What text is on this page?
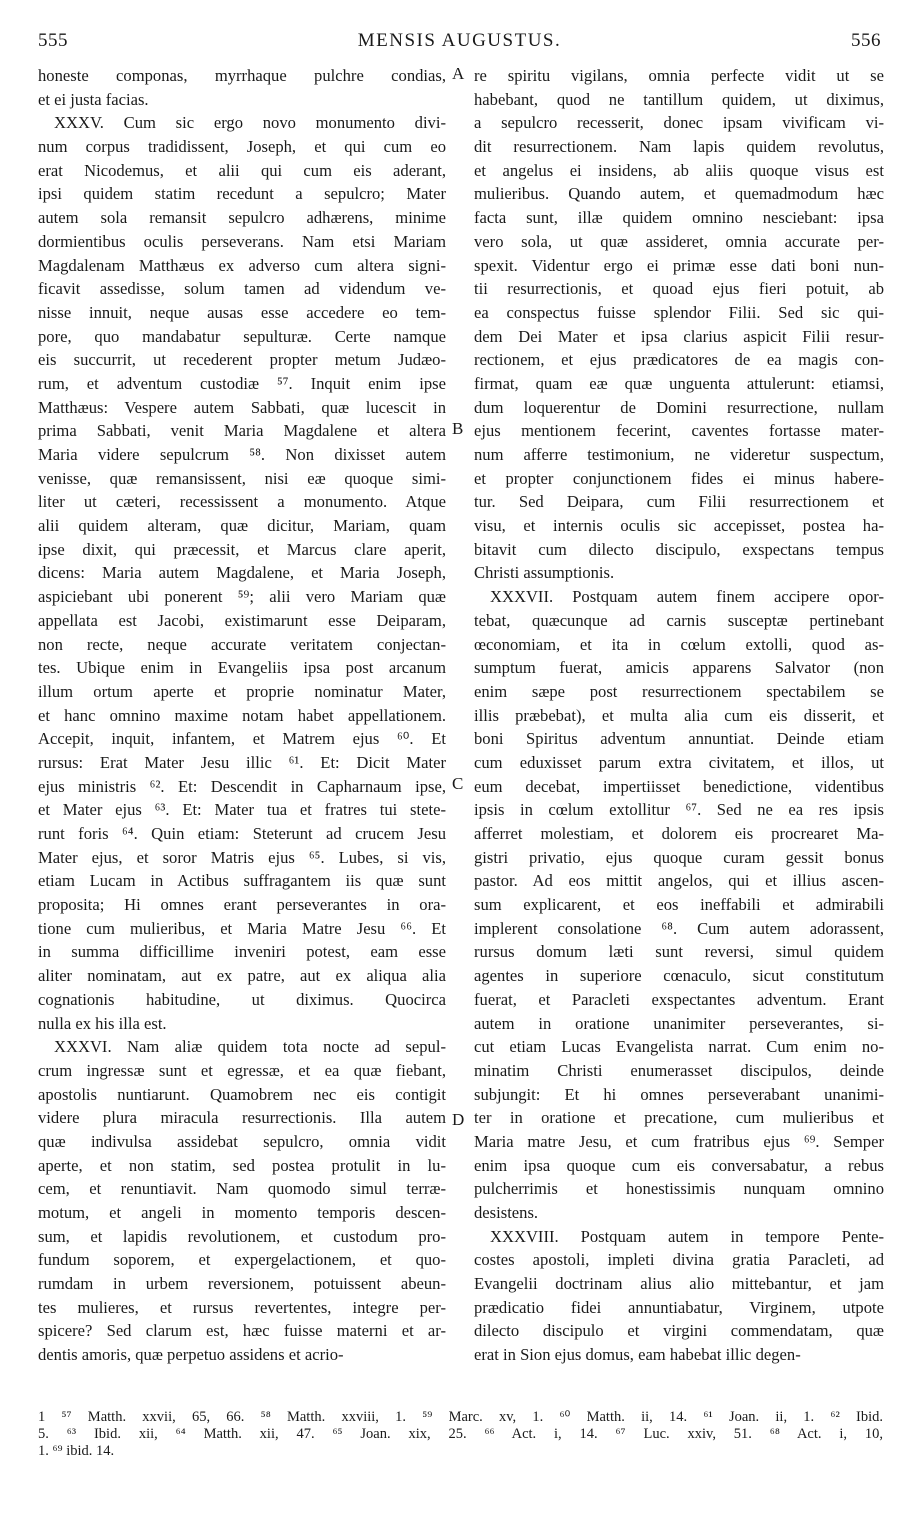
555	MENSIS AUGUSTUS.	556
honeste componas, myrrhaque pulchre condias,
et ei justa facias.
XXXV. Cum sic ergo novo monumento divi-
num corpus tradidissent, Joseph, et qui cum eo
erat Nicodemus, et alii qui cum eis aderant,
ipsi quidem statim recedunt a sepulcro; Mater
autem sola remansit sepulcro adhærens, minime
dormientibus oculis perseverans. Nam etsi Mariam
Magdalenam Matthæus ex adverso cum altera signi-
ficavit assedisse, solum tamen ad videndum ve-
nisse innuit, neque ausas esse accedere eo tem-
pore, quo mandabatur sepulturæ. Certe namque
eis succurrit, ut recederent propter metum Judæo-
rum, et adventum custodiæ ⁵⁷. Inquit enim ipse
Matthæus: Vespere autem Sabbati, quæ lucescit in
prima Sabbati, venit Maria Magdalene et altera
Maria videre sepulcrum ⁵⁸. Non dixisset autem
venisse, quæ remansissent, nisi eæ quoque simi-
liter ut cæteri, recessissent a monumento. Atque
alii quidem alteram, quæ dicitur, Mariam, quam
ipse dixit, qui præcessit, et Marcus clare aperit,
dicens: Maria autem Magdalene, et Maria Joseph,
aspiciebant ubi ponerent ⁵⁹; alii vero Mariam quæ
appellata est Jacobi, existimarunt esse Deiparam,
non recte, neque accurate veritatem conjectan-
tes. Ubique enim in Evangeliis ipsa post arcanum
illum ortum aperte et proprie nominatur Mater,
et hanc omnino maxime notam habet appellationem.
Accepit, inquit, infantem, et Matrem ejus ⁶⁰. Et
rursus: Erat Mater Jesu illic ⁶¹. Et: Dicit Mater
ejus ministris ⁶². Et: Descendit in Capharnaum ipse,
et Mater ejus ⁶³. Et: Mater tua et fratres tui stete-
runt foris ⁶⁴. Quin etiam: Steterunt ad crucem Jesu
Mater ejus, et soror Matris ejus ⁶⁵. Lubes, si vis,
etiam Lucam in Actibus suffragantem iis quæ sunt
proposita; Hi omnes erant perseverantes in ora-
tione cum mulieribus, et Maria Matre Jesu ⁶⁶. Et
in summa difficillime inveniri potest, eam esse
aliter nominatam, aut ex patre, aut ex aliqua alia
cognationis habitudine, ut diximus. Quocirca
nulla ex his illa est.
XXXVI. Nam aliæ quidem tota nocte ad sepul-
crum ingressæ sunt et egressæ, et ea quæ fiebant,
apostolis nuntiarunt. Quamobrem nec eis contigit
videre plura miracula resurrectionis. Illa autem
quæ indivulsa assidebat sepulcro, omnia vidit
aperte, et non statim, sed postea protulit in lu-
cem, et renuntiavit. Nam quomodo simul terræ-
motum, et angeli in momento temporis descen-
sum, et lapidis revolutionem, et custodum pro-
fundum soporem, et expergelactionem, et quo-
rumdam in urbem reversionem, potuissent abeun-
tes mulieres, et rursus revertentes, integre per-
spicere? Sed clarum est, hæc fuisse materni et ar-
dentis amoris, quæ perpetuo assidens et acrio-
re spiritu vigilans, omnia perfecte vidit ut se
habebant, quod ne tantillum quidem, ut diximus,
a sepulcro recesserit, donec ipsam vivificam vi-
dit resurrectionem. Nam lapis quidem revolutus,
et angelus ei insidens, ab aliis quoque visus est
mulieribus. Quando autem, et quemadmodum hæc
facta sunt, illæ quidem omnino nesciebant: ipsa
vero sola, ut quæ assideret, omnia accurate per-
spexit. Videntur ergo ei primæ esse dati boni nun-
tii resurrectionis, et quoad ejus fieri potuit, ab
ea conspectus fuisse splendor Filii. Sed sic qui-
dem Dei Mater et ipsa clarius aspicit Filii resur-
rectionem, et ejus prædicatores de ea magis con-
firmat, quam eæ quæ unguenta attulerunt: etiamsi,
dum loquerentur de Domini resurrectione, nullam
ejus mentionem fecerint, caventes fortasse mater-
num afferre testimonium, ne videretur suspectum,
et propter conjunctionem fides ei minus habere-
tur. Sed Deipara, cum Filii resurrectionem et
visu, et internis oculis sic accepisset, postea ha-
bitavit cum dilecto discipulo, exspectans tempus
Christi assumptionis.
XXXVII. Postquam autem finem accipere opor-
tebat, quæcunque ad carnis susceptæ pertinebant
œconomiam, et ita in cœlum extolli, quod as-
sumptum fuerat, amicis apparens Salvator (non
enim sæpe post resurrectionem spectabilem se
illis præbebat), et multa alia cum eis disserit, et
boni Spiritus adventum annuntiat. Deinde etiam
cum eduxisset parum extra civitatem, et illos, ut
eum decebat, impertiisset benedictione, videntibus
ipsis in cœlum extollitur ⁶⁷. Sed ne ea res ipsis
afferret molestiam, et dolorem eis procrearet Ma-
gistri privatio, ejus quoque curam gessit bonus
pastor. Ad eos mittit angelos, qui et illius ascen-
sum explicarent, et eos ineffabili et admirabili
implerent consolatione ⁶⁸. Cum autem adorassent,
rursus domum læti sunt reversi, simul quidem
agentes in superiore cœnaculo, sicut constitutum
fuerat, et Paracleti exspectantes adventum. Erant
autem in oratione unanimiter perseverantes, si-
cut etiam Lucas Evangelista narrat. Cum enim no-
minatim Christi enumerasset discipulos, deinde
subjungit: Et hi omnes perseverabant unanimi-
ter in oratione et precatione, cum mulieribus et
Maria matre Jesu, et cum fratribus ejus ⁶⁹. Semper
enim ipsa quoque cum eis conversabatur, a rebus
pulcherrimis et honestissimis nunquam omnino
desistens.
XXXVIII. Postquam autem in tempore Pente-
costes apostoli, impleti divina gratia Paracleti, ad
Evangelii doctrinam alius alio mittebantur, et jam
prædicatio fidei annuntiabatur, Virginem, utpote
dilecto discipulo et virgini commendatam, quæ
erat in Sion ejus domus, eam habebat illic degen-
A
B
C
D
1 ⁵⁷ Matth. xxvii, 65, 66. ⁵⁸ Matth. xxviii, 1. ⁵⁹ Marc. xv, 1. ⁶⁰ Matth. ii, 14. ⁶¹ Joan. ii, 1. ⁶² Ibid.
5. ⁶³ Ibid. xii, ⁶⁴ Matth. xii, 47. ⁶⁵ Joan. xix, 25. ⁶⁶ Act. i, 14. ⁶⁷ Luc. xxiv, 51. ⁶⁸ Act. i, 10,
1. ⁶⁹ ibid. 14.
